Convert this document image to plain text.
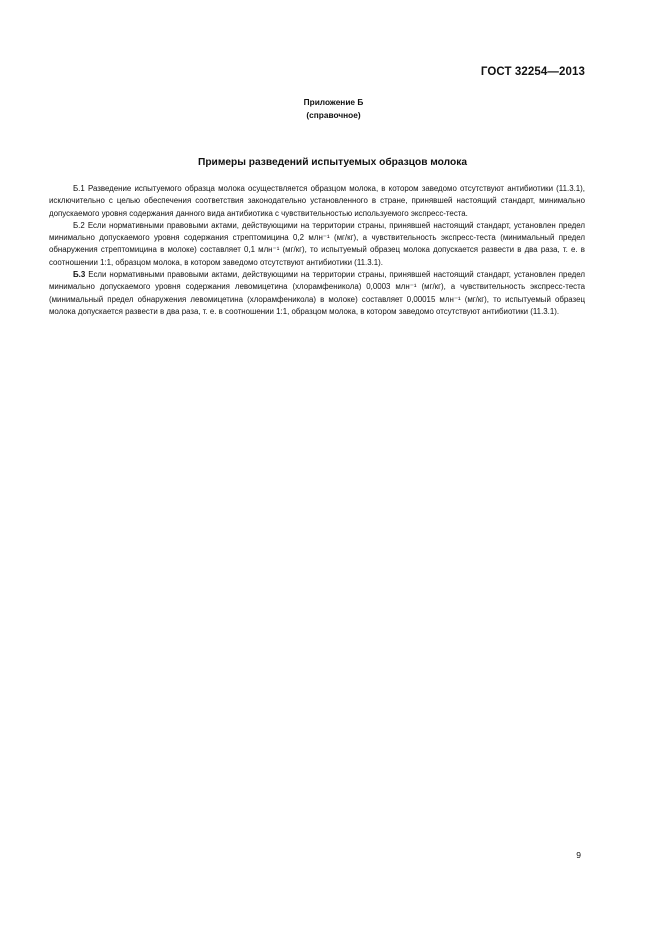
ГОСТ 32254—2013
Приложение Б
(справочное)
Примеры разведений испытуемых образцов молока

Б.1 Разведение испытуемого образца молока осуществляется образцом молока, в котором заведомо отсутствуют антибиотики (11.3.1), исключительно с целью обеспечения соответствия законодательно установленного в стране, принявшей настоящий стандарт, минимально допускаемого уровня содержания данного вида антибиотика с чувствительностью используемого экспресс-теста.

Б.2 Если нормативными правовыми актами, действующими на территории страны, принявшей настоящий стандарт, установлен предел минимально допускаемого уровня содержания стрептомицина 0,2 млн⁻¹ (мг/кг), а чувствительность экспресс-теста (минимальный предел обнаружения стрептомицина в молоке) составляет 0,1 млн⁻¹ (мг/кг), то испытуемый образец молока допускается развести в два раза, т. е. в соотношении 1:1, образцом молока, в котором заведомо отсутствуют антибиотики (11.3.1).

Б.3 Если нормативными правовыми актами, действующими на территории страны, принявшей настоящий стандарт, установлен предел минимально допускаемого уровня содержания левомицетина (хлорамфеникола) 0,0003 млн⁻¹ (мг/кг), а чувствительность экспресс-теста (минимальный предел обнаружения левомицетина (хлорамфеникола) в молоке) составляет 0,00015 млн⁻¹ (мг/кг), то испытуемый образец молока допускается развести в два раза, т. е. в соотношении 1:1, образцом молока, в котором заведомо отсутствуют антибиотики (11.3.1).

9
